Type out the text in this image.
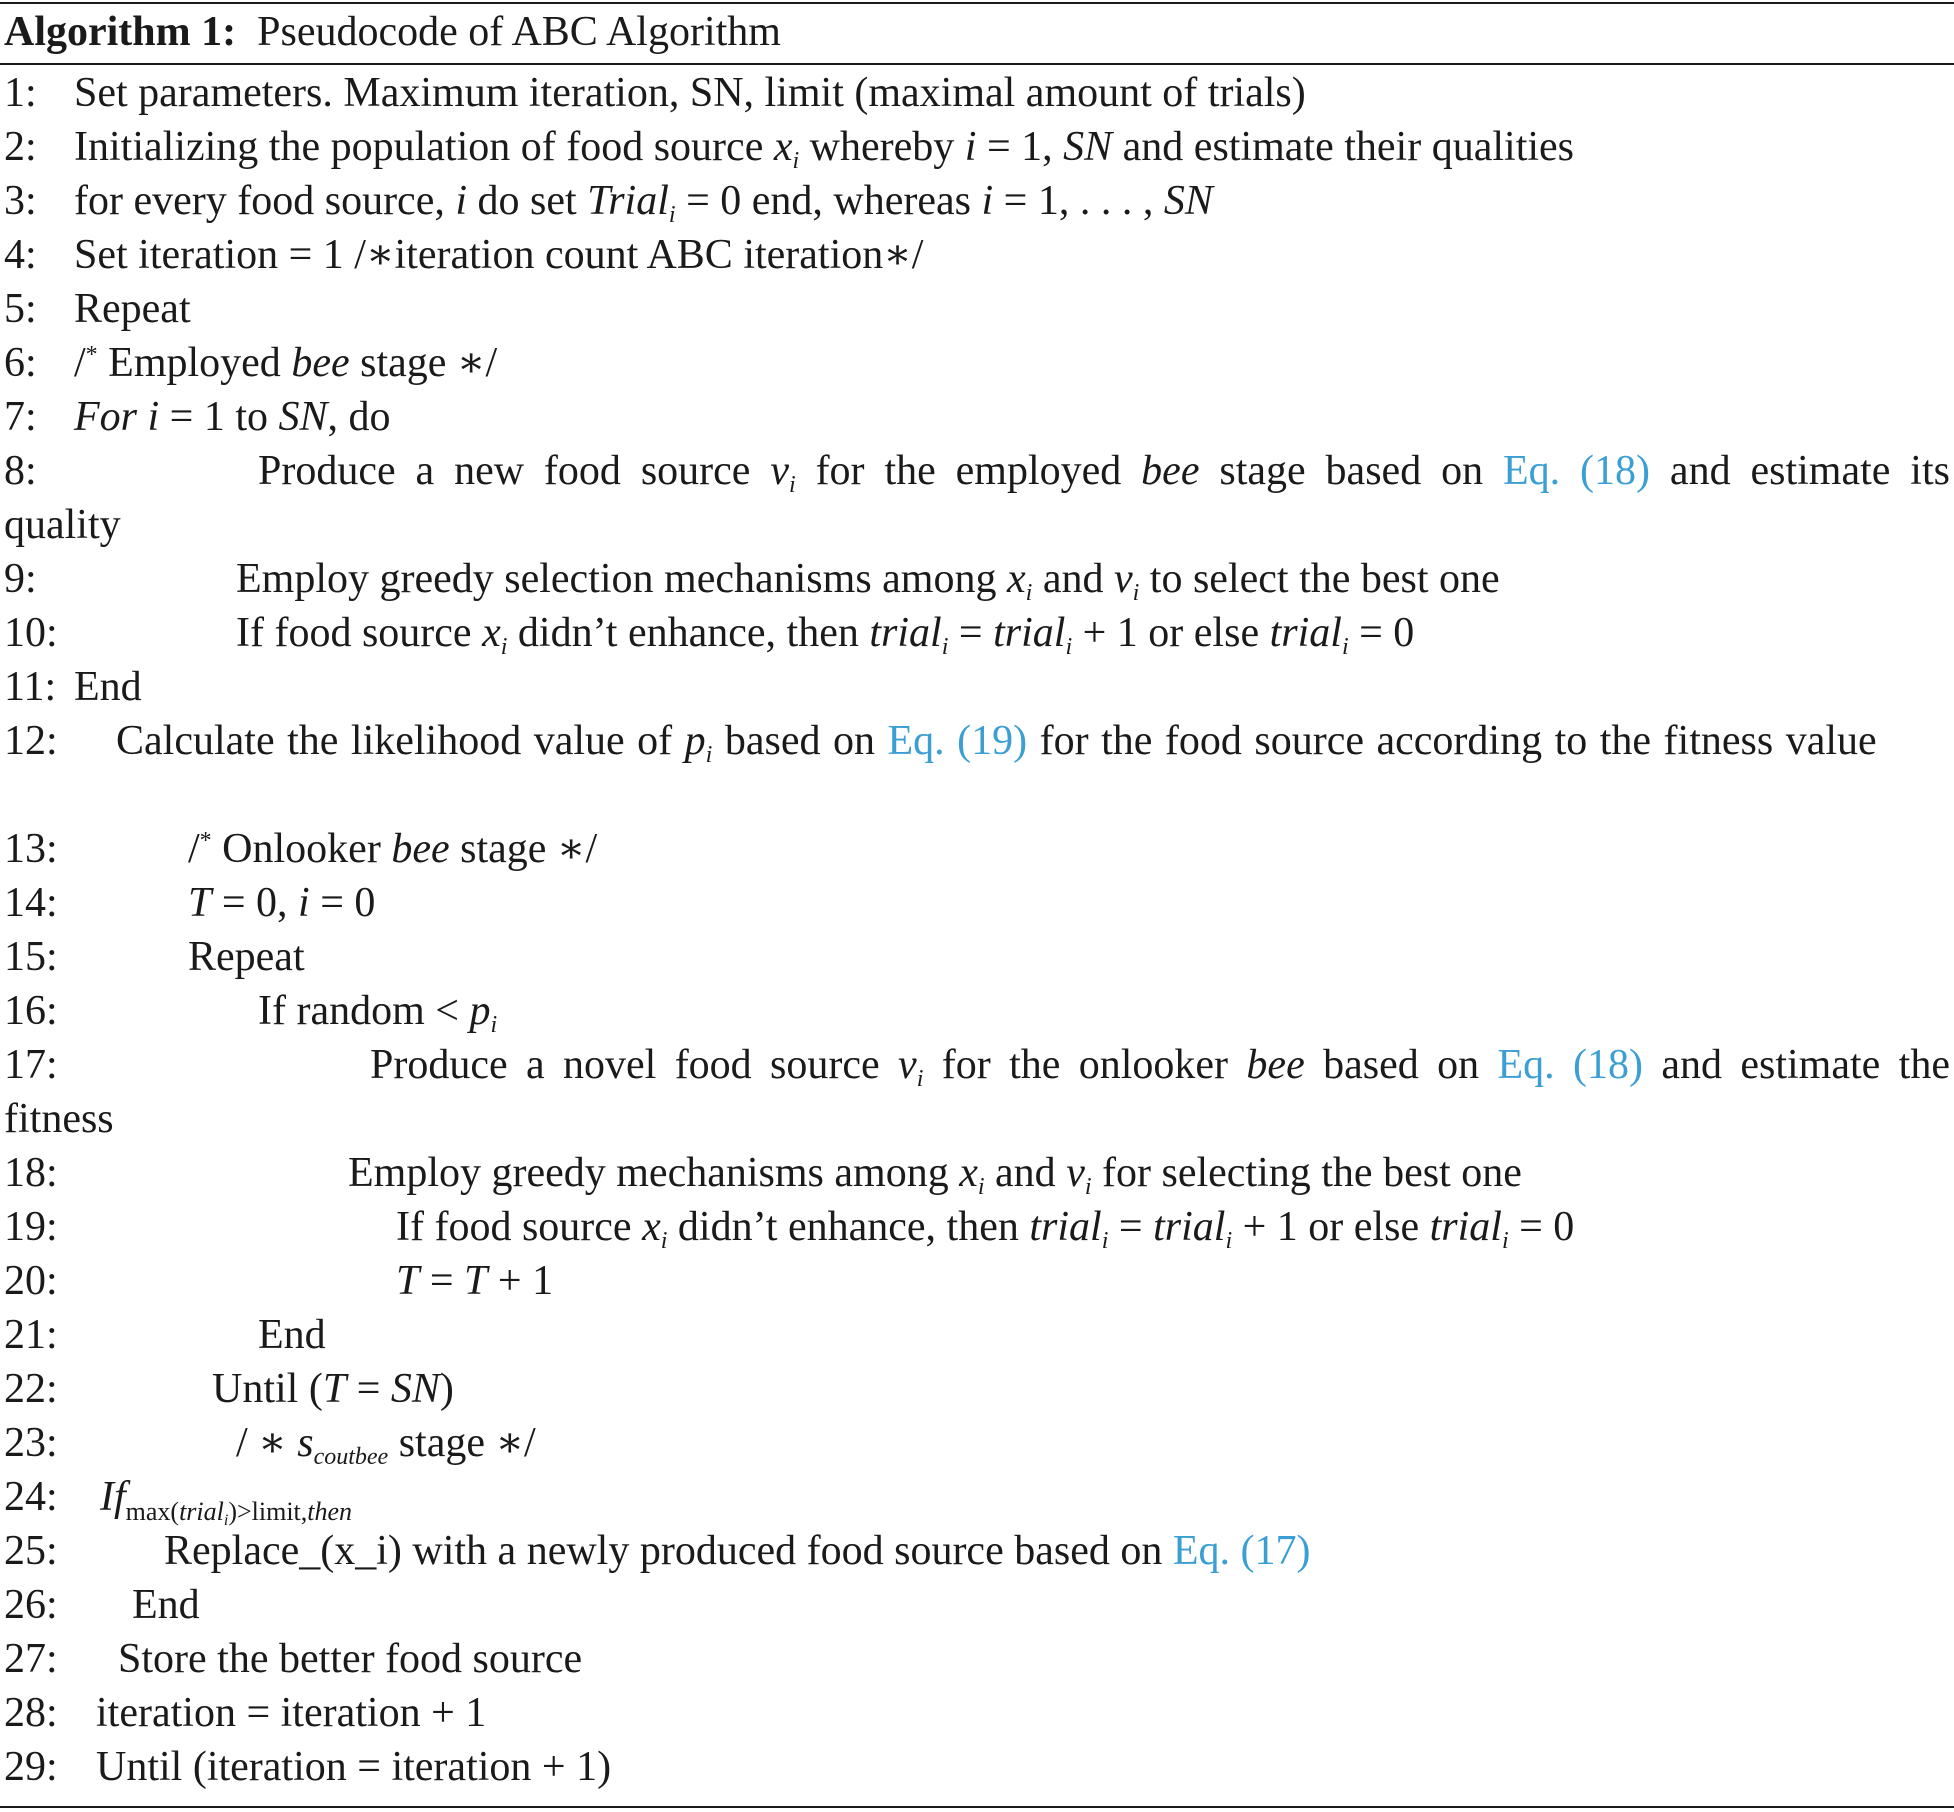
Algorithm 1: Pseudocode of ABC Algorithm
1: Set parameters. Maximum iteration, SN, limit (maximal amount of trials)
2: Initializing the population of food source $x_i$ whereby i = 1, SN and estimate their qualities
3: for every food source, i do set Trial$_i$ = 0 end, whereas i = 1, . . . , SN
4: Set iteration = 1 /∗iteration count ABC iteration∗/
5: Repeat
6: /* Employed bee stage ∗/
7: For i = 1 to SN, do
8:	Produce a new food source $v_i$ for the employed bee stage based on Eq. (18) and estimate its quality
9:	Employ greedy selection mechanisms among $x_i$ and $v_i$ to select the best one
10:	If food source $x_i$ didn’t enhance, then trial$_i$ = trial$_i$ + 1 or else trial$_i$ = 0
11: End
12: Calculate the likelihood value of $p_i$ based on Eq. (19) for the food source according to the fitness value
13:	/* Onlooker bee stage ∗/
14:	T = 0, i = 0
15:	Repeat
16:	If random < $p_i$
17:	Produce a novel food source $v_i$ for the onlooker bee based on Eq. (18) and estimate the fitness
18:	Employ greedy mechanisms among $x_i$ and $v_i$ for selecting the best one
19:	If food source $x_i$ didn’t enhance, then trial$_i$ = trial$_i$ + 1 or else trial$_i$ = 0
20:	T = T + 1
21:	End
22:	Until (T = SN)
23:	/ ∗ $s_{coutbee}$ stage ∗/
24: $If_{max(trial_i)>limit,then}$
25:	Replace_(x_i) with a newly produced food source based on Eq. (17)
26: End
27: Store the better food source
28: iteration = iteration + 1
29: Until (iteration = iteration + 1)
